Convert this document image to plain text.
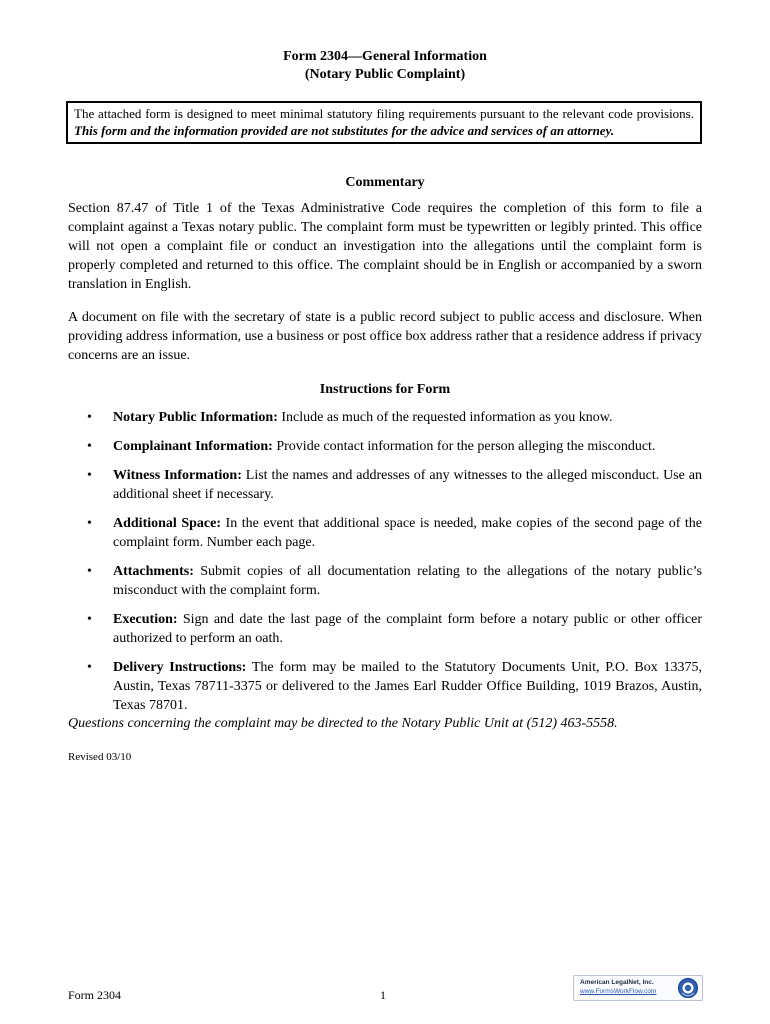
Form 2304—General Information
(Notary Public Complaint)
The attached form is designed to meet minimal statutory filing requirements pursuant to the relevant code provisions. This form and the information provided are not substitutes for the advice and services of an attorney.
Commentary

Section 87.47 of Title 1 of the Texas Administrative Code requires the completion of this form to file a complaint against a Texas notary public. The complaint form must be typewritten or legibly printed. This office will not open a complaint file or conduct an investigation into the allegations until the complaint form is properly completed and returned to this office. The complaint should be in English or accompanied by a sworn translation in English.

A document on file with the secretary of state is a public record subject to public access and disclosure. When providing address information, use a business or post office box address rather that a residence address if privacy concerns are an issue.

Instructions for Form
• Notary Public Information: Include as much of the requested information as you know.
• Complainant Information: Provide contact information for the person alleging the misconduct.
• Witness Information: List the names and addresses of any witnesses to the alleged misconduct. Use an additional sheet if necessary.
• Additional Space: In the event that additional space is needed, make copies of the second page of the complaint form. Number each page.
• Attachments: Submit copies of all documentation relating to the allegations of the notary public’s misconduct with the complaint form.
• Execution: Sign and date the last page of the complaint form before a notary public or other officer authorized to perform an oath.
• Delivery Instructions: The form may be mailed to the Statutory Documents Unit, P.O. Box 13375, Austin, Texas 78711-3375 or delivered to the James Earl Rudder Office Building, 1019 Brazos, Austin, Texas 78701.
Questions concerning the complaint may be directed to the Notary Public Unit at (512) 463-5558.
Revised 03/10
Form 2304	1
American LegalNet, Inc.
www.FormsWorkFlow.com
